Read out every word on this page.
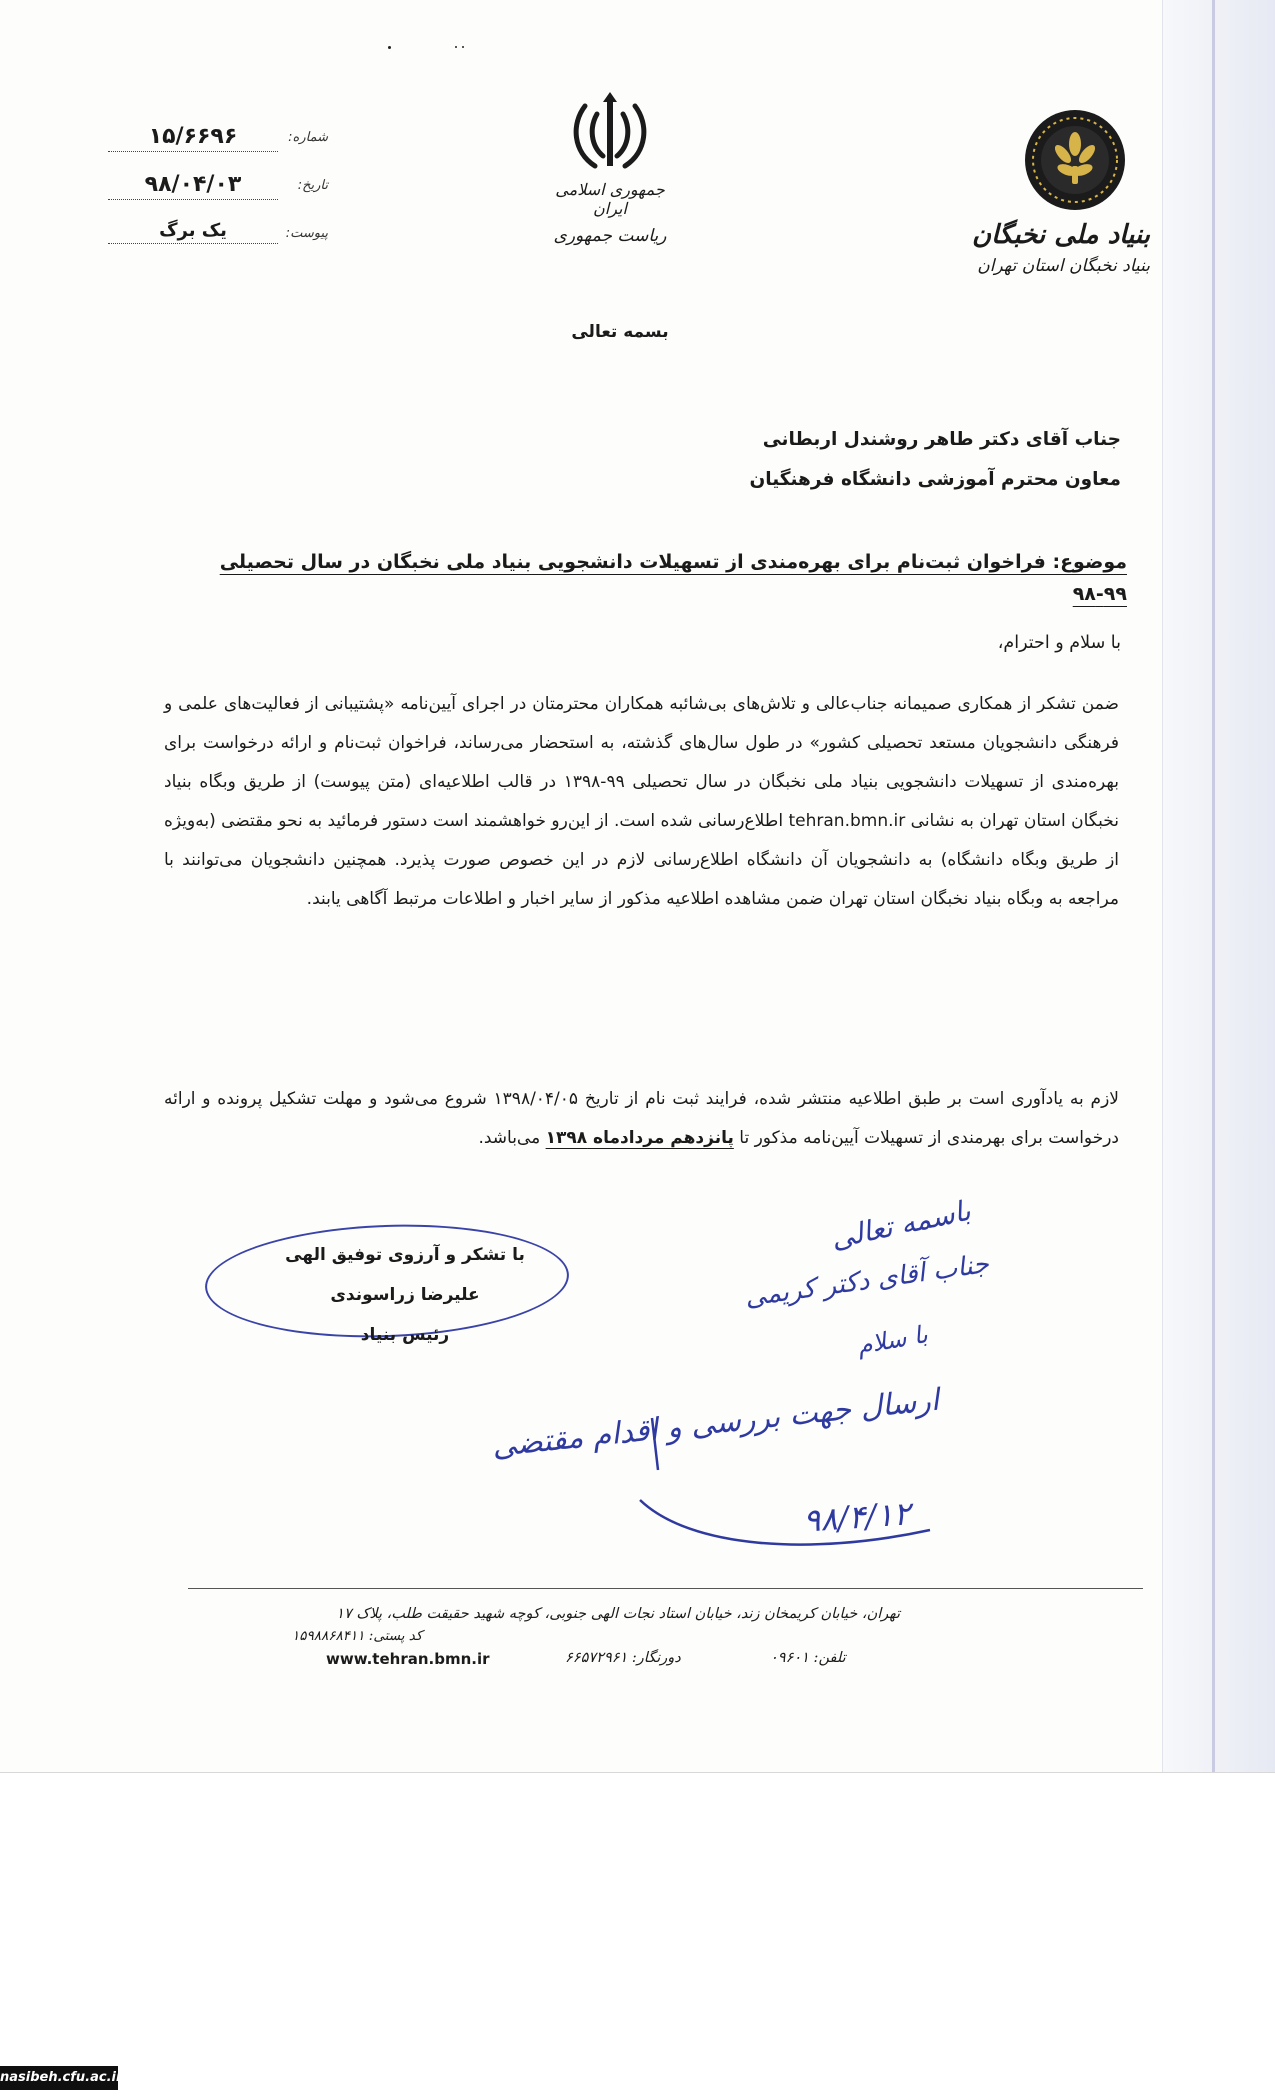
شماره:
۱۵/۶۶۹۶
تاریخ:
۹۸/۰۴/۰۳
پیوست:
یک برگ
جمهوری اسلامی ایران
ریاست جمهوری
بسمه تعالی
بنیاد ملی نخبگان
بنیاد نخبگان استان تهران
جناب آقای دکتر طاهر روشندل اربطانی
معاون محترم آموزشی دانشگاه فرهنگیان
موضوع: فراخوان ثبت‌نام برای بهره‌مندی از تسهیلات دانشجویی بنیاد ملی نخبگان در سال تحصیلی ۹۹-۹۸
با سلام و احترام،
ضمن تشکر از همکاری صمیمانه جناب‌عالی و تلاش‌های بی‌شائبه همکاران محترمتان در اجرای آیین‌نامه «پشتیبانی از فعالیت‌های علمی و فرهنگی دانشجویان مستعد تحصیلی کشور» در طول سال‌های گذشته، به استحضار می‌رساند، فراخوان ثبت‌نام و ارائه درخواست برای بهره‌مندی از تسهیلات دانشجویی بنیاد ملی نخبگان در سال تحصیلی ۹۹-۱۳۹۸ در قالب اطلاعیه‌ای (متن پیوست) از طریق وبگاه بنیاد نخبگان استان تهران به نشانی tehran.bmn.ir اطلاع‌رسانی شده است. از این‌رو خواهشمند است دستور فرمائید به نحو مقتضی (به‌ویژه از طریق وبگاه دانشگاه) به دانشجویان آن دانشگاه اطلاع‌رسانی لازم در این خصوص صورت پذیرد. همچنین دانشجویان می‌توانند با مراجعه به وبگاه بنیاد نخبگان استان تهران ضمن مشاهده اطلاعیه مذکور از سایر اخبار و اطلاعات مرتبط آگاهی یابند.
لازم به یادآوری است بر طبق اطلاعیه منتشر شده، فرایند ثبت نام از تاریخ ۱۳۹۸/۰۴/۰۵ شروع می‌شود و مهلت تشکیل پرونده و ارائه درخواست برای بهرمندی از تسهیلات آیین‌نامه مذکور تا پانزدهم مردادماه ۱۳۹۸ می‌باشد.
با تشکر و آرزوی توفیق الهی
علیرضا زراسوندی
رئیس بنیاد
باسمه تعالی
جناب آقای دکتر کریمی
با سلام
ارسال جهت بررسی و اقدام مقتضی
۹۸/۴/۱۲
تهران، خیابان کریمخان زند، خیابان استاد نجات الهی جنوبی، کوچه شهید حقیقت طلب، پلاک ۱۷
تلفن: ۰۹۶۰۱
دورنگار: ۶۶۵۷۲۹۶۱
www.tehran.bmn.ir
کد پستی: ۱۵۹۸۸۶۸۴۱۱
nasibeh.cfu.ac.ir
